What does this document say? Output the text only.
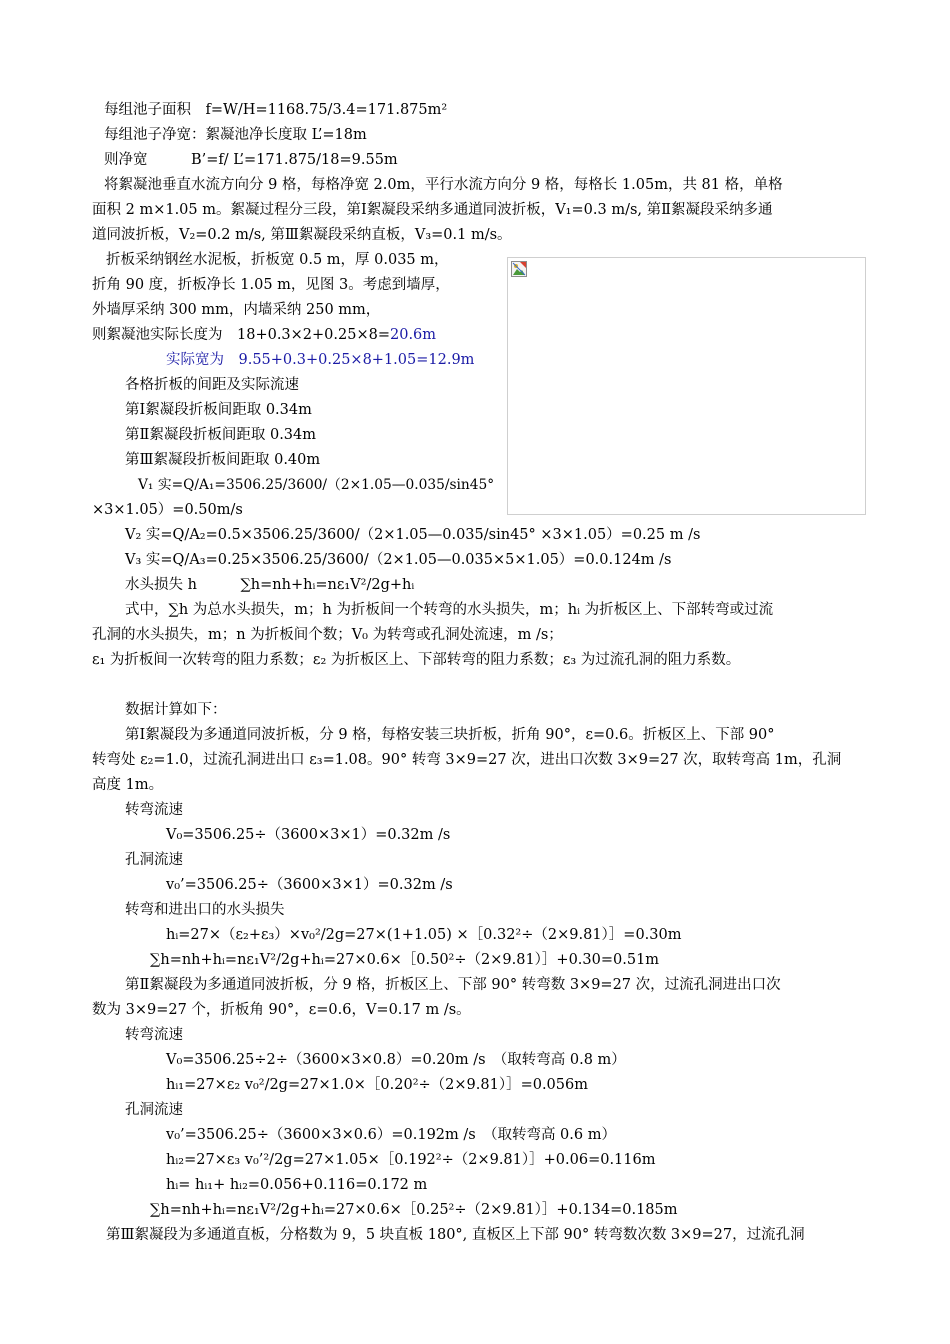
每组池子面积　f=W/H=1168.75/3.4=171.875m²
每组池子净宽：絮凝池净长度取 L’=18m
则净宽　　　B’=f/ L’=171.875/18=9.55m
将絮凝池垂直水流方向分 9 格，每格净宽 2.0m，平行水流方向分 9 格，每格长 1.05m，共 81 格，单格
面积 2 m×1.05 m。絮凝过程分三段，第Ⅰ絮凝段采纳多通道同波折板，V₁=0.3 m/s, 第Ⅱ絮凝段采纳多通
道同波折板，V₂=0.2 m/s, 第Ⅲ絮凝段采纳直板，V₃=0.1 m/s。
折板采纳钢丝水泥板，折板宽 0.5 m，厚 0.035 m，
折角 90 度，折板净长 1.05 m，见图 3。考虑到墙厚，
外墙厚采纳 300 mm，内墙采纳 250 mm，
则絮凝池实际长度为　18+0.3×2+0.25×8=20.6m
实际宽为　9.55+0.3+0.25×8+1.05=12.9m
各格折板的间距及实际流速
第Ⅰ絮凝段折板间距取 0.34m
第Ⅱ絮凝段折板间距取 0.34m
第Ⅲ絮凝段折板间距取 0.40m
V₁ 实=Q/A₁=3506.25/3600/（2×1.05—0.035/sin45°
×3×1.05）=0.50m/s
V₂ 实=Q/A₂=0.5×3506.25/3600/（2×1.05—0.035/sin45° ×3×1.05）=0.25 m /s
V₃ 实=Q/A₃=0.25×3506.25/3600/（2×1.05—0.035×5×1.05）=0.0.124m /s
水头损失 h　　　∑h=nh+hᵢ=nε₁V²/2g+hᵢ
式中，∑h 为总水头损失，m；h 为折板间一个转弯的水头损失，m；hᵢ 为折板区上、下部转弯或过流
孔洞的水头损失，m；n 为折板间个数；V₀ 为转弯或孔洞处流速，m /s；
ε₁ 为折板间一次转弯的阻力系数；ε₂ 为折板区上、下部转弯的阻力系数；ε₃ 为过流孔洞的阻力系数。
数据计算如下：
第Ⅰ絮凝段为多通道同波折板，分 9 格，每格安装三块折板，折角 90°，ε=0.6。折板区上、下部 90°
转弯处 ε₂=1.0，过流孔洞进出口 ε₃=1.08。90° 转弯 3×9=27 次，进出口次数 3×9=27 次，取转弯高 1m，孔洞
高度 1m。
转弯流速
V₀=3506.25÷（3600×3×1）=0.32m /s
孔洞流速
v₀’=3506.25÷（3600×3×1）=0.32m /s
转弯和进出口的水头损失
hᵢ=27×（ε₂+ε₃）×v₀²/2g=27×(1+1.05) ×［0.32²÷（2×9.81）］=0.30m
∑h=nh+hᵢ=nε₁V²/2g+hᵢ=27×0.6×［0.50²÷（2×9.81）］+0.30=0.51m
第Ⅱ絮凝段为多通道同波折板，分 9 格，折板区上、下部 90° 转弯数 3×9=27 次，过流孔洞进出口次
数为 3×9=27 个，折板角 90°，ε=0.6，V=0.17 m /s。
转弯流速
V₀=3506.25÷2÷（3600×3×0.8）=0.20m /s　（取转弯高 0.8 m）
hᵢ₁=27×ε₂ v₀²/2g=27×1.0×［0.20²÷（2×9.81）］=0.056m
孔洞流速
v₀’=3506.25÷（3600×3×0.6）=0.192m /s　（取转弯高 0.6 m）
hᵢ₂=27×ε₃ v₀’²/2g=27×1.05×［0.192²÷（2×9.81）］+0.06=0.116m
hᵢ= hᵢ₁+ hᵢ₂=0.056+0.116=0.172 m
∑h=nh+hᵢ=nε₁V²/2g+hᵢ=27×0.6×［0.25²÷（2×9.81）］+0.134=0.185m
第Ⅲ絮凝段为多通道直板，分格数为 9，5 块直板 180°, 直板区上下部 90° 转弯数次数 3×9=27，过流孔洞
